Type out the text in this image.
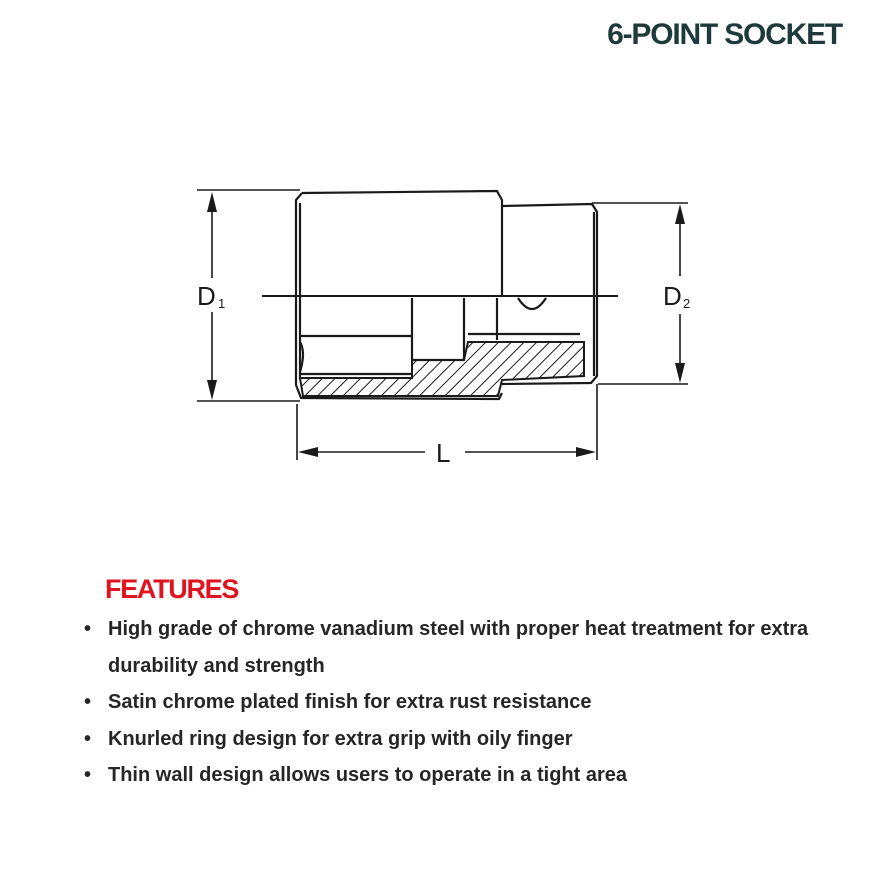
6-POINT SOCKET
D 1	D 2
L
FEATURES
• High grade of chrome vanadium steel with proper heat treatment for extra durability and strength
• Satin chrome plated finish for extra rust resistance
• Knurled ring design for extra grip with oily finger
• Thin wall design allows users to operate in a tight area
